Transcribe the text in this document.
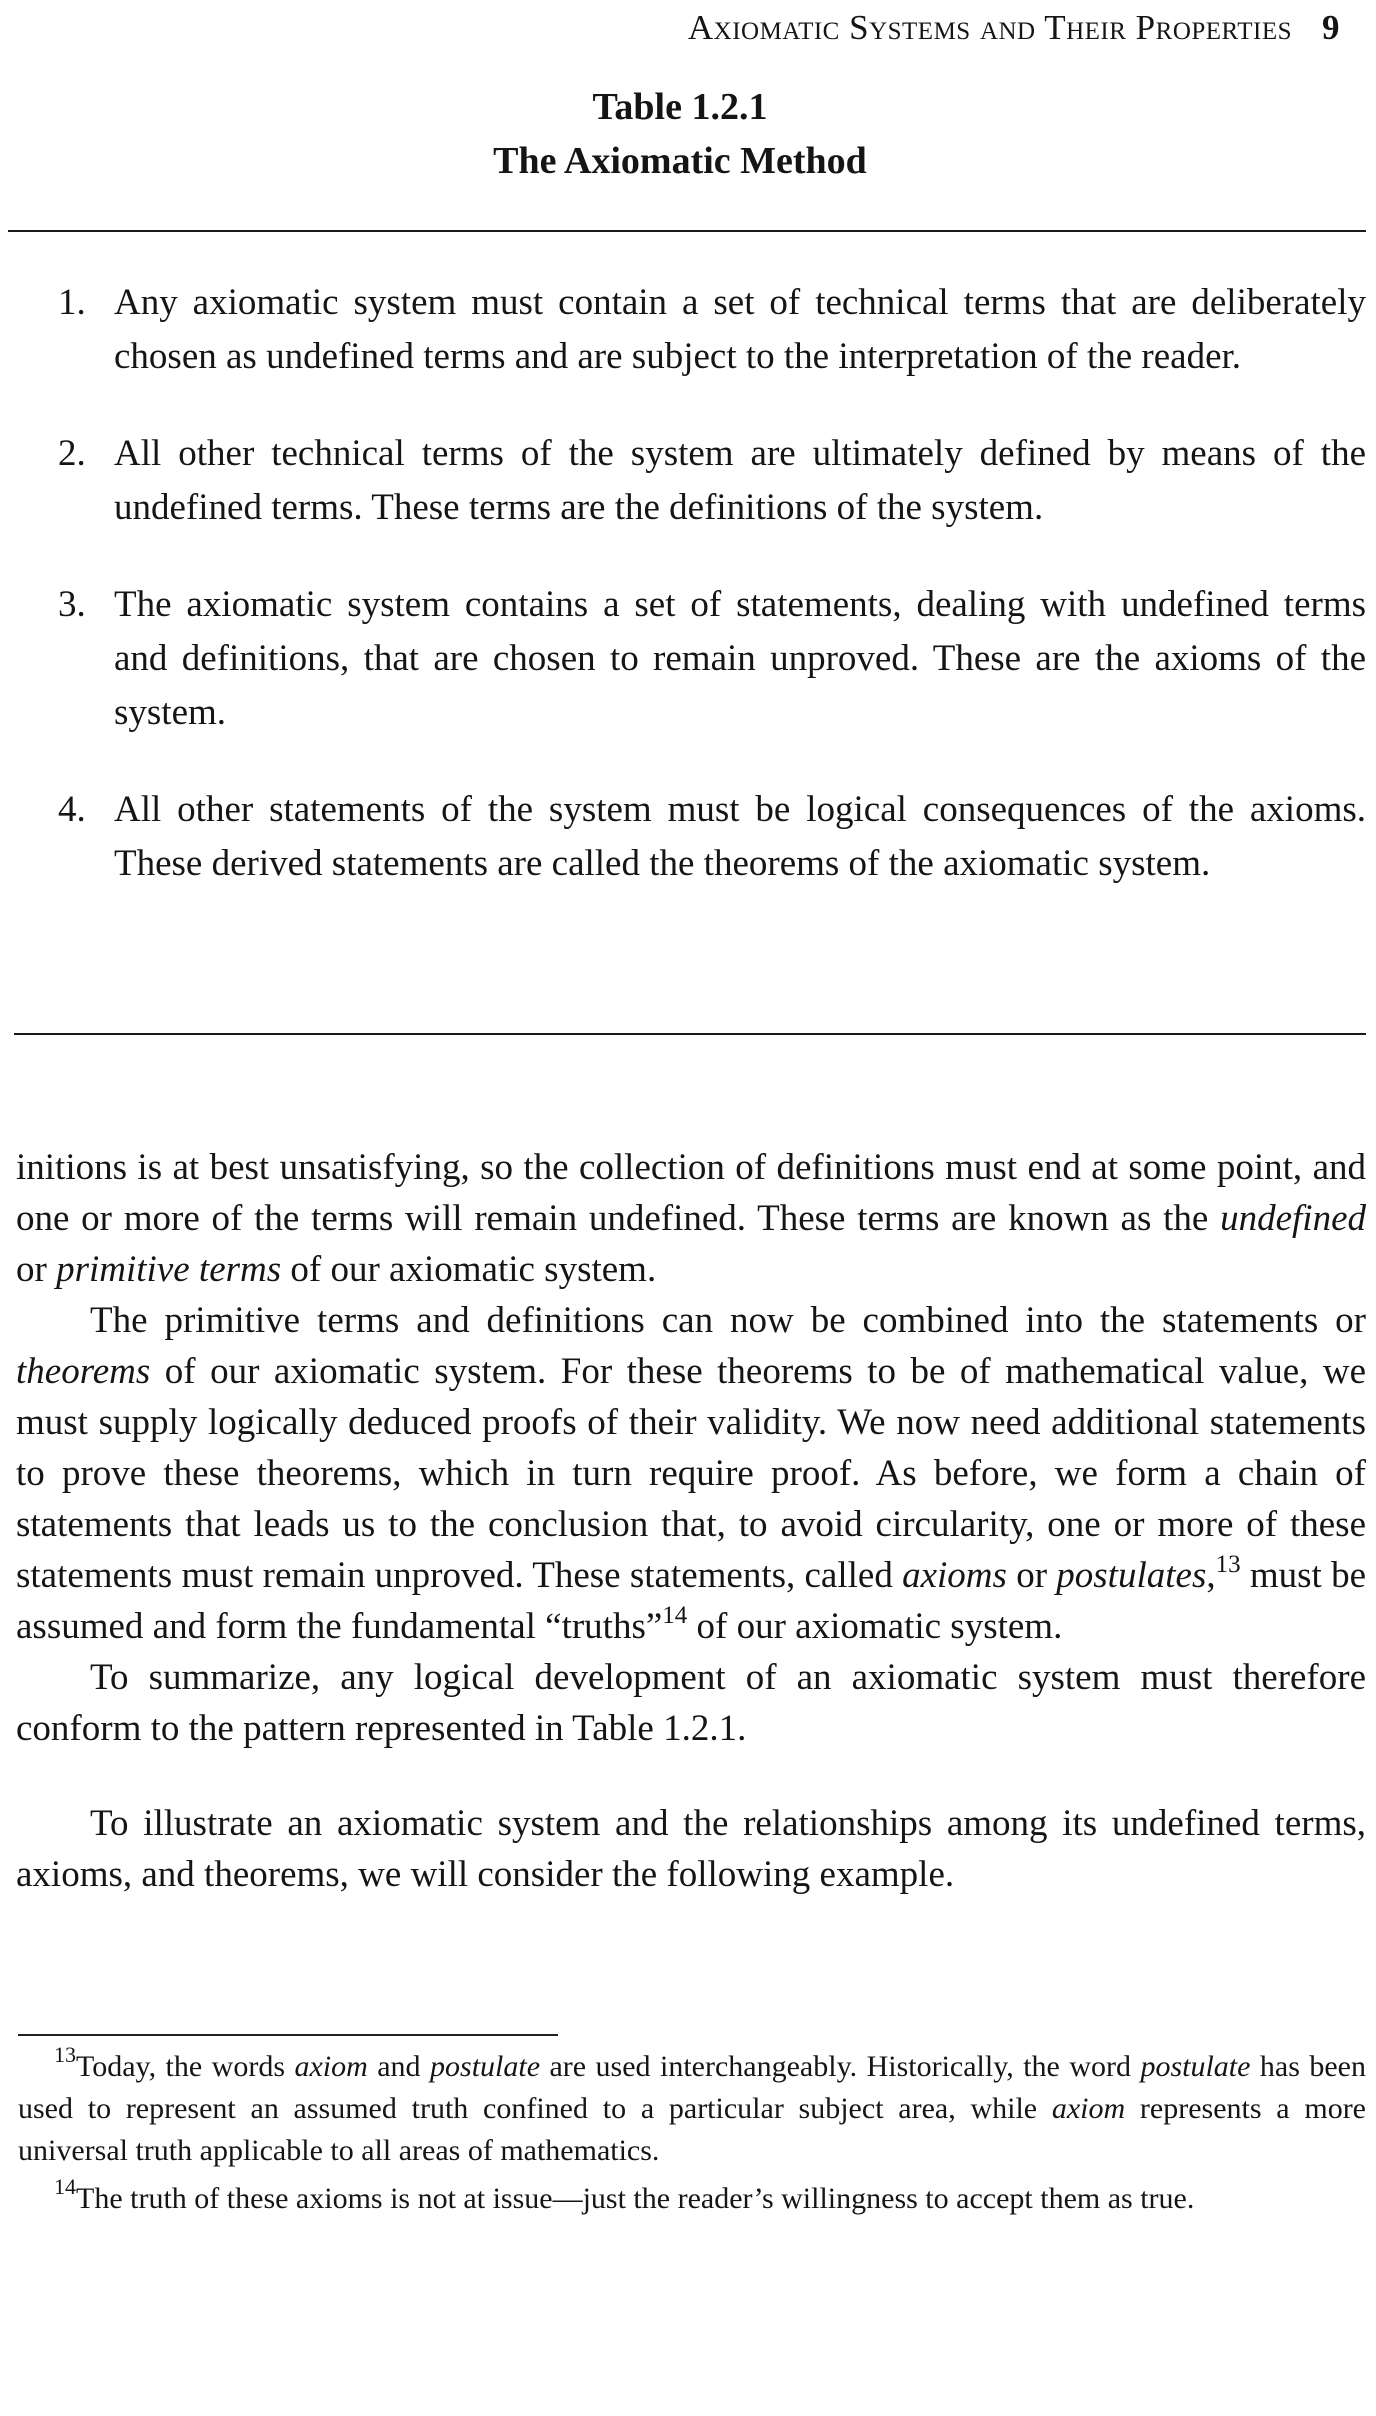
Axiomatic Systems and Their Properties 9
Table 1.2.1
The Axiomatic Method
1. Any axiomatic system must contain a set of technical terms that are deliberately chosen as undefined terms and are subject to the interpretation of the reader.
2. All other technical terms of the system are ultimately defined by means of the undefined terms. These terms are the definitions of the system.
3. The axiomatic system contains a set of statements, dealing with undefined terms and definitions, that are chosen to remain unproved. These are the axioms of the system.
4. All other statements of the system must be logical consequences of the axioms. These derived statements are called the theorems of the axiomatic system.

initions is at best unsatisfying, so the collection of definitions must end at some point, and one or more of the terms will remain undefined. These terms are known as the undefined or primitive terms of our axiomatic system.

The primitive terms and definitions can now be combined into the statements or theorems of our axiomatic system. For these theorems to be of mathematical value, we must supply logically deduced proofs of their validity. We now need additional statements to prove these theorems, which in turn require proof. As before, we form a chain of statements that leads us to the conclusion that, to avoid circularity, one or more of these statements must remain unproved. These statements, called axioms or postulates,$^{13}$ must be assumed and form the fundamental “truths”$^{14}$ of our axiomatic system.

To summarize, any logical development of an axiomatic system must therefore conform to the pattern represented in Table 1.2.1.

To illustrate an axiomatic system and the relationships among its undefined terms, axioms, and theorems, we will consider the following example.

$^{13}$Today, the words axiom and postulate are used interchangeably. Historically, the word postulate has been used to represent an assumed truth confined to a particular subject area, while axiom represents a more universal truth applicable to all areas of mathematics.

$^{14}$The truth of these axioms is not at issue—just the reader’s willingness to accept them as true.
